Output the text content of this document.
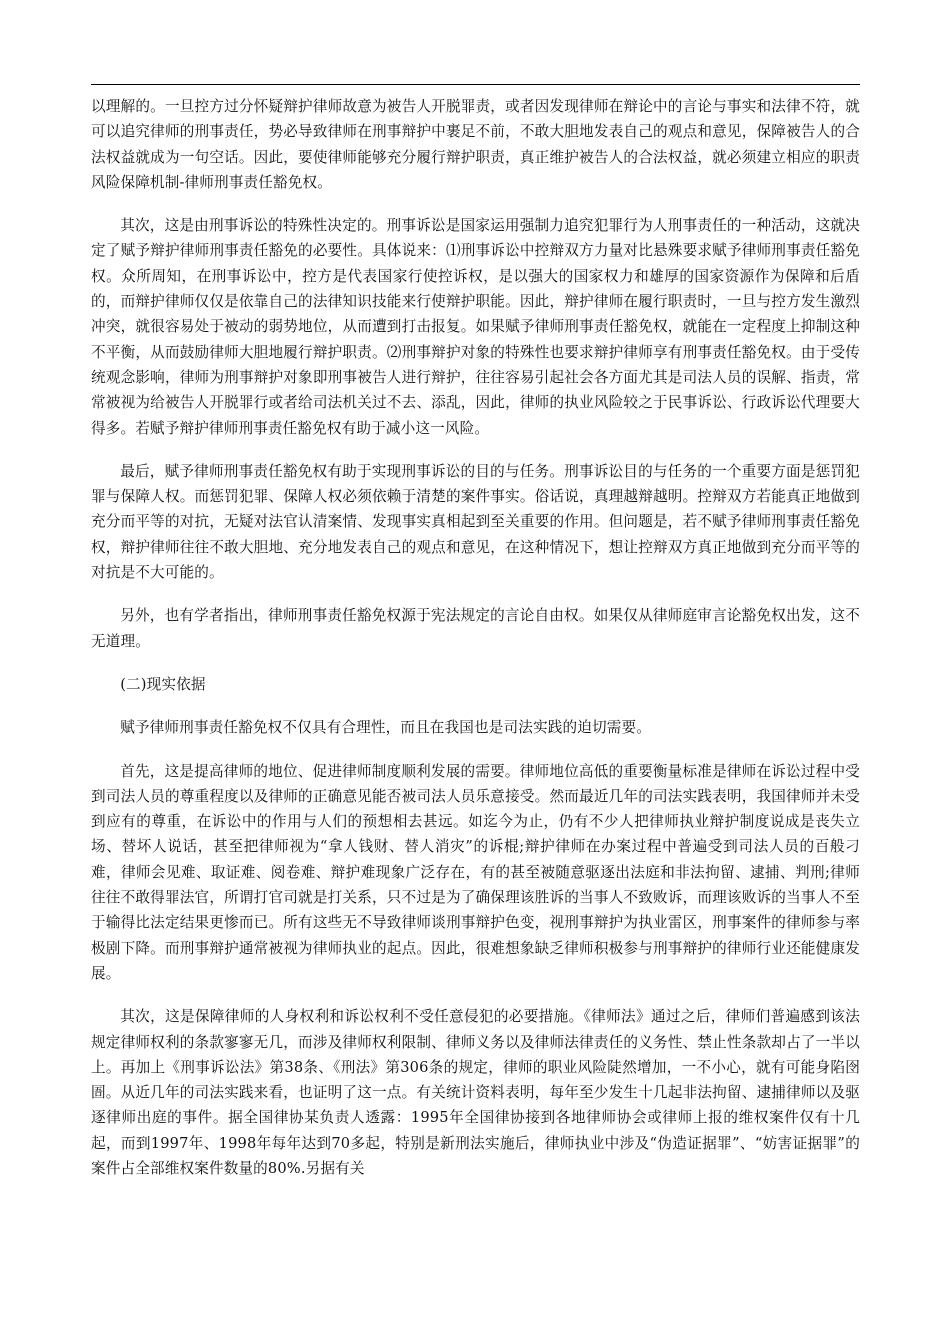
以理解的。一旦控方过分怀疑辩护律师故意为被告人开脱罪责，或者因发现律师在辩论中的言论与事实和法律不符，就可以追究律师的刑事责任，势必导致律师在刑事辩护中裹足不前，不敢大胆地发表自己的观点和意见，保障被告人的合法权益就成为一句空话。因此，要使律师能够充分履行辩护职责，真正维护被告人的合法权益，就必须建立相应的职责风险保障机制-律师刑事责任豁免权。

其次，这是由刑事诉讼的特殊性决定的。刑事诉讼是国家运用强制力追究犯罪行为人刑事责任的一种活动，这就决定了赋予辩护律师刑事责任豁免的必要性。具体说来：⑴刑事诉讼中控辩双方力量对比悬殊要求赋予律师刑事责任豁免权。众所周知，在刑事诉讼中，控方是代表国家行使控诉权，是以强大的国家权力和雄厚的国家资源作为保障和后盾的，而辩护律师仅仅是依靠自己的法律知识技能来行使辩护职能。因此，辩护律师在履行职责时，一旦与控方发生激烈冲突，就很容易处于被动的弱势地位，从而遭到打击报复。如果赋予律师刑事责任豁免权，就能在一定程度上抑制这种不平衡，从而鼓励律师大胆地履行辩护职责。⑵刑事辩护对象的特殊性也要求辩护律师享有刑事责任豁免权。由于受传统观念影响，律师为刑事辩护对象即刑事被告人进行辩护，往往容易引起社会各方面尤其是司法人员的误解、指责，常常被视为给被告人开脱罪行或者给司法机关过不去、添乱，因此，律师的执业风险较之于民事诉讼、行政诉讼代理要大得多。若赋予辩护律师刑事责任豁免权有助于减小这一风险。

最后，赋予律师刑事责任豁免权有助于实现刑事诉讼的目的与任务。刑事诉讼目的与任务的一个重要方面是惩罚犯罪与保障人权。而惩罚犯罪、保障人权必须依赖于清楚的案件事实。俗话说，真理越辩越明。控辩双方若能真正地做到充分而平等的对抗，无疑对法官认清案情、发现事实真相起到至关重要的作用。但问题是，若不赋予律师刑事责任豁免权，辩护律师往往不敢大胆地、充分地发表自己的观点和意见，在这种情况下，想让控辩双方真正地做到充分而平等的对抗是不大可能的。

另外，也有学者指出，律师刑事责任豁免权源于宪法规定的言论自由权。如果仅从律师庭审言论豁免权出发，这不无道理。

(二)现实依据

赋予律师刑事责任豁免权不仅具有合理性，而且在我国也是司法实践的迫切需要。

首先，这是提高律师的地位、促进律师制度顺利发展的需要。律师地位高低的重要衡量标准是律师在诉讼过程中受到司法人员的尊重程度以及律师的正确意见能否被司法人员乐意接受。然而最近几年的司法实践表明，我国律师并未受到应有的尊重，在诉讼中的作用与人们的预想相去甚远。如迄今为止，仍有不少人把律师执业辩护制度说成是丧失立场、替坏人说话，甚至把律师视为“拿人钱财、替人消灾”的诉棍;辩护律师在办案过程中普遍受到司法人员的百般刁难，律师会见难、取证难、阅卷难、辩护难现象广泛存在，有的甚至被随意驱逐出法庭和非法拘留、逮捕、判刑;律师往往不敢得罪法官，所谓打官司就是打关系，只不过是为了确保理该胜诉的当事人不致败诉，而理该败诉的当事人不至于输得比法定结果更惨而已。所有这些无不导致律师谈刑事辩护色变，视刑事辩护为执业雷区，刑事案件的律师参与率极剧下降。而刑事辩护通常被视为律师执业的起点。因此，很难想象缺乏律师积极参与刑事辩护的律师行业还能健康发展。

其次，这是保障律师的人身权利和诉讼权利不受任意侵犯的必要措施。《律师法》通过之后，律师们普遍感到该法规定律师权利的条款寥寥无几，而涉及律师权利限制、律师义务以及律师法律责任的义务性、禁止性条款却占了一半以上。再加上《刑事诉讼法》第38条、《刑法》第306条的规定，律师的职业风险陡然增加，一不小心，就有可能身陷囹圄。从近几年的司法实践来看，也证明了这一点。有关统计资料表明，每年至少发生十几起非法拘留、逮捕律师以及驱逐律师出庭的事件。据全国律协某负责人透露：1995年全国律协接到各地律师协会或律师上报的维权案件仅有十几起，而到1997年、1998年每年达到70多起，特别是新刑法实施后，律师执业中涉及“伪造证据罪”、“妨害证据罪”的案件占全部维权案件数量的80%.另据有关
